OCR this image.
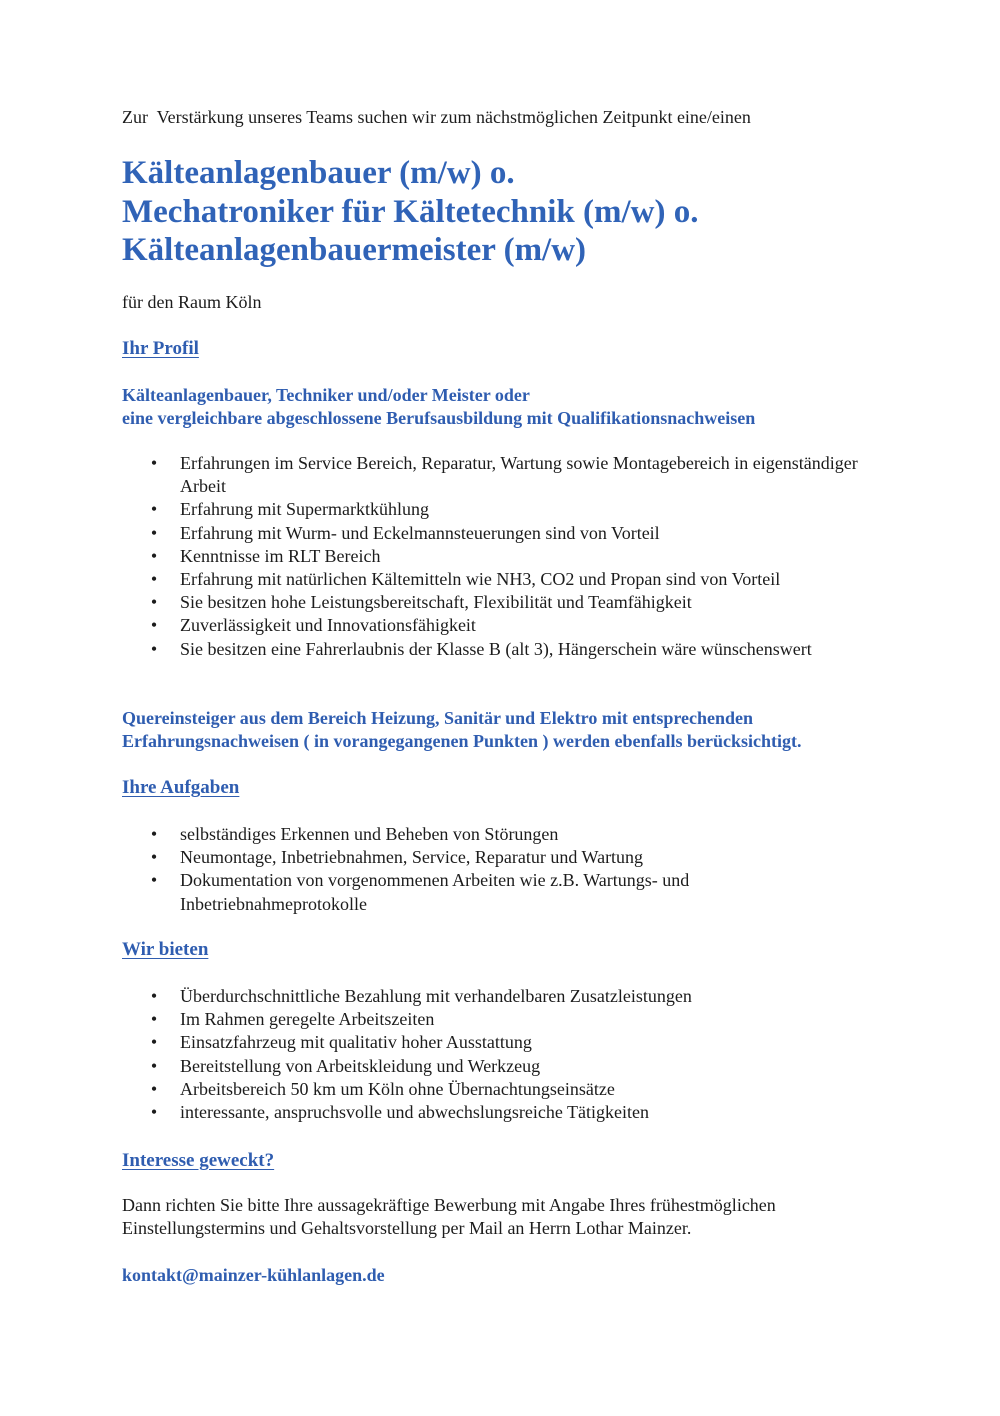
Zur  Verstärkung unseres Teams suchen wir zum nächstmöglichen Zeitpunkt eine/einen

Kälteanlagenbauer (m/w) o.
Mechatroniker für Kältetechnik (m/w) o.
Kälteanlagenbauermeister (m/w)

für den Raum Köln

Ihr Profil
Kälteanlagenbauer, Techniker und/oder Meister oder
eine vergleichbare abgeschlossene Berufsausbildung mit Qualifikationsnachweisen
• Erfahrungen im Service Bereich, Reparatur, Wartung sowie Montagebereich in eigenständiger Arbeit
• Erfahrung mit Supermarktkühlung
• Erfahrung mit Wurm- und Eckelmannsteuerungen sind von Vorteil
• Kenntnisse im RLT Bereich
• Erfahrung mit natürlichen Kältemitteln wie NH3, CO2 und Propan sind von Vorteil
• Sie besitzen hohe Leistungsbereitschaft, Flexibilität und Teamfähigkeit
• Zuverlässigkeit und Innovationsfähigkeit
• Sie besitzen eine Fahrerlaubnis der Klasse B (alt 3), Hängerschein wäre wünschenswert
Quereinsteiger aus dem Bereich Heizung, Sanitär und Elektro mit entsprechenden
Erfahrungsnachweisen ( in vorangegangenen Punkten ) werden ebenfalls berücksichtigt.
Ihre Aufgaben
• selbständiges Erkennen und Beheben von Störungen
• Neumontage, Inbetriebnahmen, Service, Reparatur und Wartung
• Dokumentation von vorgenommenen Arbeiten wie z.B. Wartungs- und Inbetriebnahmeprotokolle
Wir bieten
• Überdurchschnittliche Bezahlung mit verhandelbaren Zusatzleistungen
• Im Rahmen geregelte Arbeitszeiten
• Einsatzfahrzeug mit qualitativ hoher Ausstattung
• Bereitstellung von Arbeitskleidung und Werkzeug
• Arbeitsbereich 50 km um Köln ohne Übernachtungseinsätze
• interessante, anspruchsvolle und abwechslungsreiche Tätigkeiten
Interesse geweckt?
Dann richten Sie bitte Ihre aussagekräftige Bewerbung mit Angabe Ihres frühestmöglichen
Einstellungstermins und Gehaltsvorstellung per Mail an Herrn Lothar Mainzer.
kontakt@mainzer-kühlanlagen.de
